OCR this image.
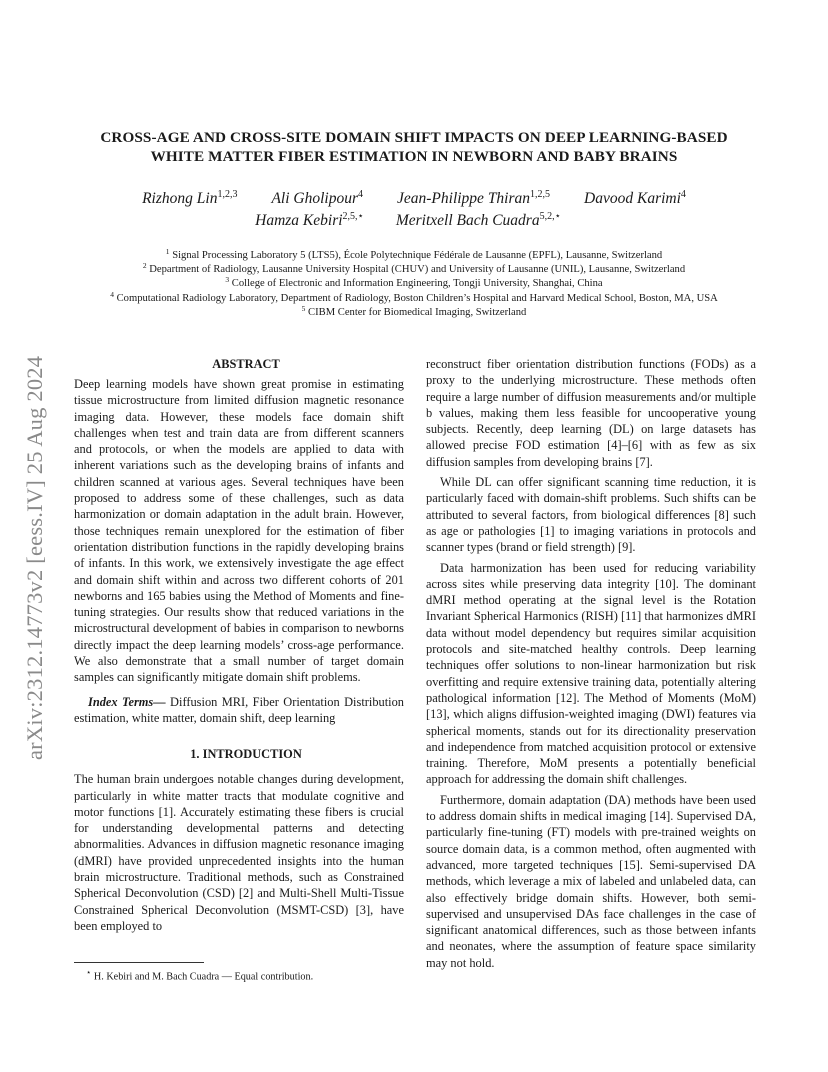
arXiv:2312.14773v2 [eess.IV] 25 Aug 2024
CROSS-AGE AND CROSS-SITE DOMAIN SHIFT IMPACTS ON DEEP LEARNING-BASED
WHITE MATTER FIBER ESTIMATION IN NEWBORN AND BABY BRAINS
Rizhong Lin$^{1,2,3}$ Ali Gholipour$^4$ Jean-Philippe Thiran$^{1,2,5}$ Davood Karimi$^4$
Hamza Kebiri$^{2,5,⋆}$ Meritxell Bach Cuadra$^{5,2,⋆}$
$^1$ Signal Processing Laboratory 5 (LTS5), École Polytechnique Fédérale de Lausanne (EPFL), Lausanne, Switzerland
$^2$ Department of Radiology, Lausanne University Hospital (CHUV) and University of Lausanne (UNIL), Lausanne, Switzerland
$^3$ College of Electronic and Information Engineering, Tongji University, Shanghai, China
$^4$ Computational Radiology Laboratory, Department of Radiology, Boston Children’s Hospital and Harvard Medical School, Boston, MA, USA
$^5$ CIBM Center for Biomedical Imaging, Switzerland

ABSTRACT

Deep learning models have shown great promise in estimating tissue microstructure from limited diffusion magnetic resonance imaging data. However, these models face domain shift challenges when test and train data are from different scanners and protocols, or when the models are applied to data with inherent variations such as the developing brains of infants and children scanned at various ages. Several techniques have been proposed to address some of these challenges, such as data harmonization or domain adaptation in the adult brain. However, those techniques remain unexplored for the estimation of fiber orientation distribution functions in the rapidly developing brains of infants. In this work, we extensively investigate the age effect and domain shift within and across two different cohorts of 201 newborns and 165 babies using the Method of Moments and fine-tuning strategies. Our results show that reduced variations in the microstructural development of babies in comparison to newborns directly impact the deep learning models’ cross-age performance. We also demonstrate that a small number of target domain samples can significantly mitigate domain shift problems.

Index Terms— Diffusion MRI, Fiber Orientation Distribution estimation, white matter, domain shift, deep learning

1. INTRODUCTION

The human brain undergoes notable changes during development, particularly in white matter tracts that modulate cognitive and motor functions [1]. Accurately estimating these fibers is crucial for understanding developmental patterns and detecting abnormalities. Advances in diffusion magnetic resonance imaging (dMRI) have provided unprecedented insights into the human brain microstructure. Traditional methods, such as Constrained Spherical Deconvolution (CSD) [2] and Multi-Shell Multi-Tissue Constrained Spherical Deconvolution (MSMT-CSD) [3], have been employed to

reconstruct fiber orientation distribution functions (FODs) as a proxy to the underlying microstructure. These methods often require a large number of diffusion measurements and/or multiple b values, making them less feasible for uncooperative young subjects. Recently, deep learning (DL) on large datasets has allowed precise FOD estimation [4]–[6] with as few as six diffusion samples from developing brains [7].

While DL can offer significant scanning time reduction, it is particularly faced with domain-shift problems. Such shifts can be attributed to several factors, from biological differences [8] such as age or pathologies [1] to imaging variations in protocols and scanner types (brand or field strength) [9].

Data harmonization has been used for reducing variability across sites while preserving data integrity [10]. The dominant dMRI method operating at the signal level is the Rotation Invariant Spherical Harmonics (RISH) [11] that harmonizes dMRI data without model dependency but requires similar acquisition protocols and site-matched healthy controls. Deep learning techniques offer solutions to non-linear harmonization but risk overfitting and require extensive training data, potentially altering pathological information [12]. The Method of Moments (MoM) [13], which aligns diffusion-weighted imaging (DWI) features via spherical moments, stands out for its directionality preservation and independence from matched acquisition protocol or extensive training. Therefore, MoM presents a potentially beneficial approach for addressing the domain shift challenges.

Furthermore, domain adaptation (DA) methods have been used to address domain shifts in medical imaging [14]. Supervised DA, particularly fine-tuning (FT) models with pre-trained weights on source domain data, is a common method, often augmented with advanced, more targeted techniques [15]. Semi-supervised DA methods, which leverage a mix of labeled and unlabeled data, can also effectively bridge domain shifts. However, both semi-supervised and unsupervised DAs face challenges in the case of significant anatomical differences, such as those between infants and neonates, where the assumption of feature space similarity may not hold.

⋆ H. Kebiri and M. Bach Cuadra — Equal contribution.
